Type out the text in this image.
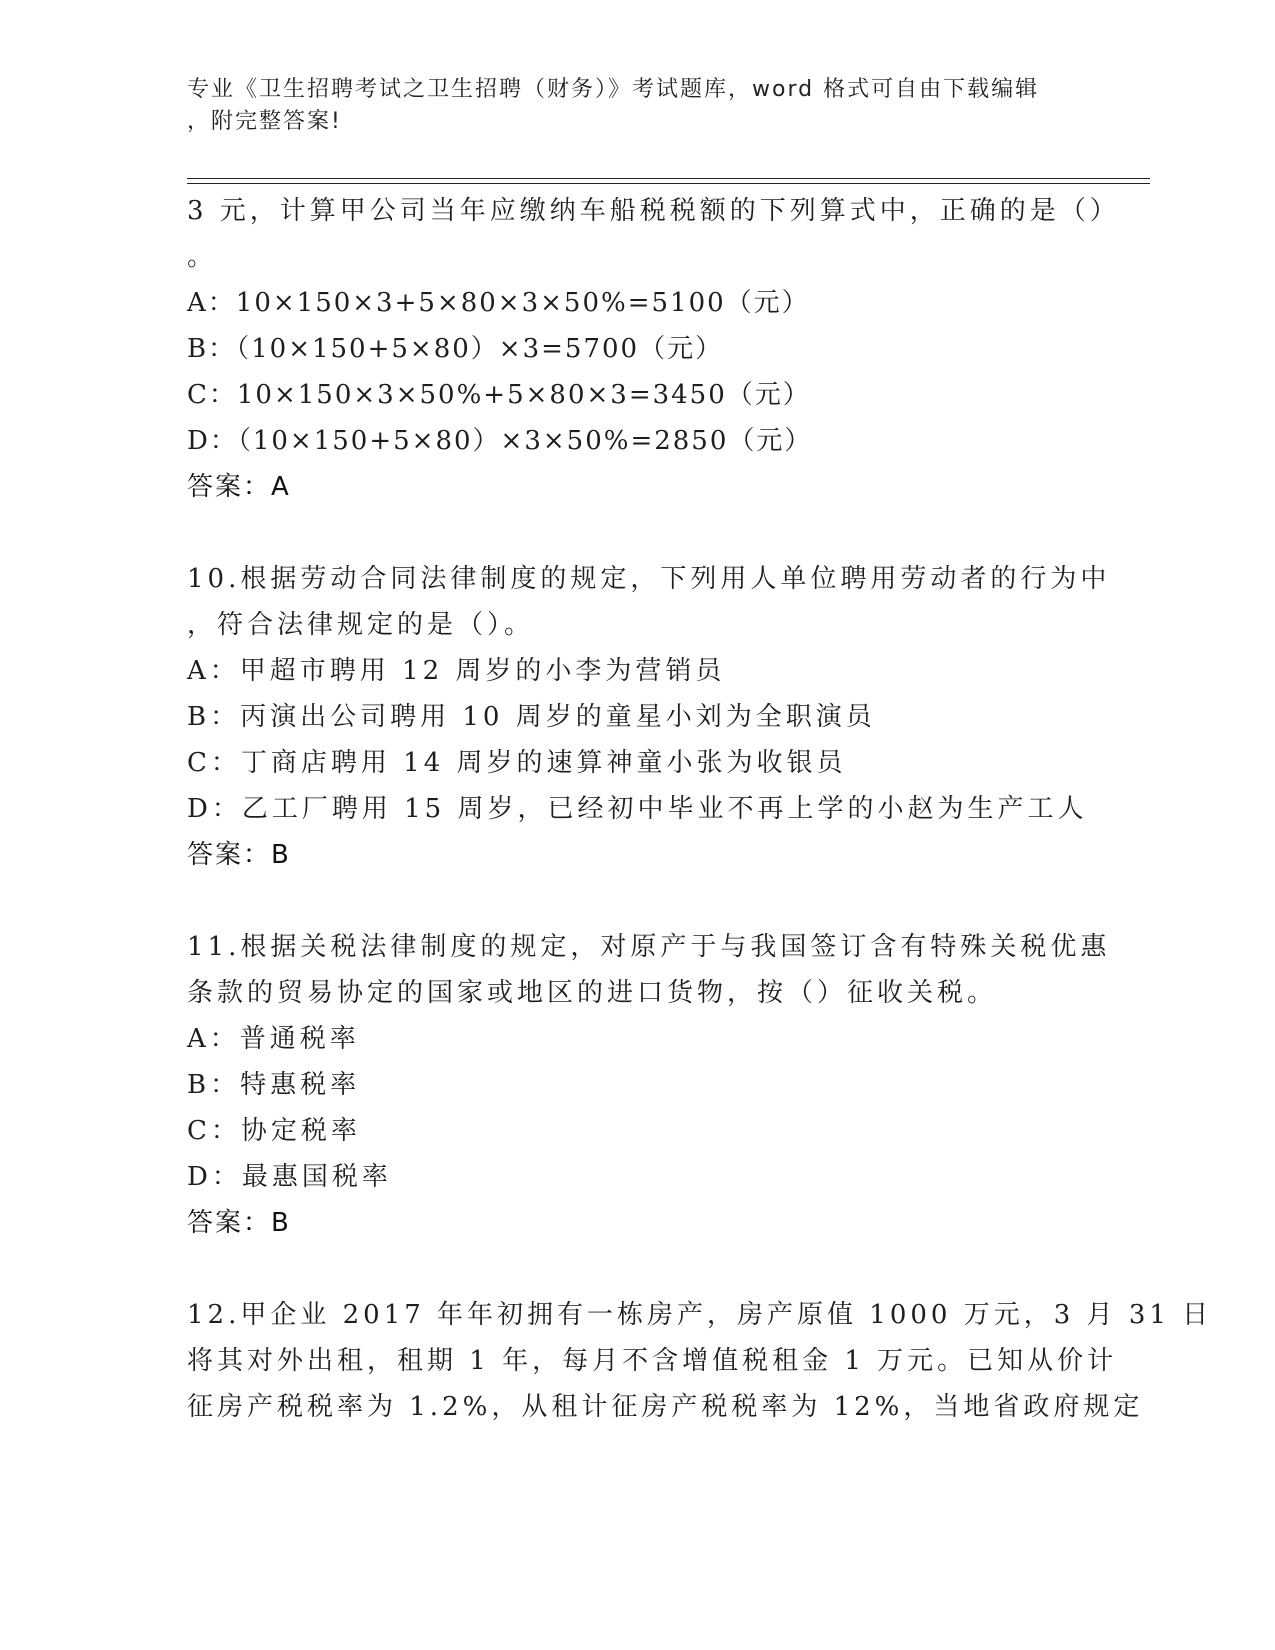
专业《卫生招聘考试之卫生招聘（财务）》考试题库，word 格式可自由下载编辑
，附完整答案!
3 元，计算甲公司当年应缴纳车船税税额的下列算式中，正确的是（）
。
A：10×150×3+5×80×3×50%=5100（元）
B：（10×150+5×80）×3=5700（元）
C：10×150×3×50%+5×80×3=3450（元）
D：（10×150+5×80）×3×50%=2850（元）
答案：A
10.根据劳动合同法律制度的规定，下列用人单位聘用劳动者的行为中
，符合法律规定的是（）。
A：甲超市聘用 12 周岁的小李为营销员
B：丙演出公司聘用 10 周岁的童星小刘为全职演员
C：丁商店聘用 14 周岁的速算神童小张为收银员
D：乙工厂聘用 15 周岁，已经初中毕业不再上学的小赵为生产工人
答案：B
11.根据关税法律制度的规定，对原产于与我国签订含有特殊关税优惠
条款的贸易协定的国家或地区的进口货物，按（）征收关税。
A：普通税率
B：特惠税率
C：协定税率
D：最惠国税率
答案：B
12.甲企业 2017 年年初拥有一栋房产，房产原值 1000 万元，3 月 31 日
将其对外出租，租期 1 年，每月不含增值税租金 1 万元。已知从价计
征房产税税率为 1.2%，从租计征房产税税率为 12%，当地省政府规定
